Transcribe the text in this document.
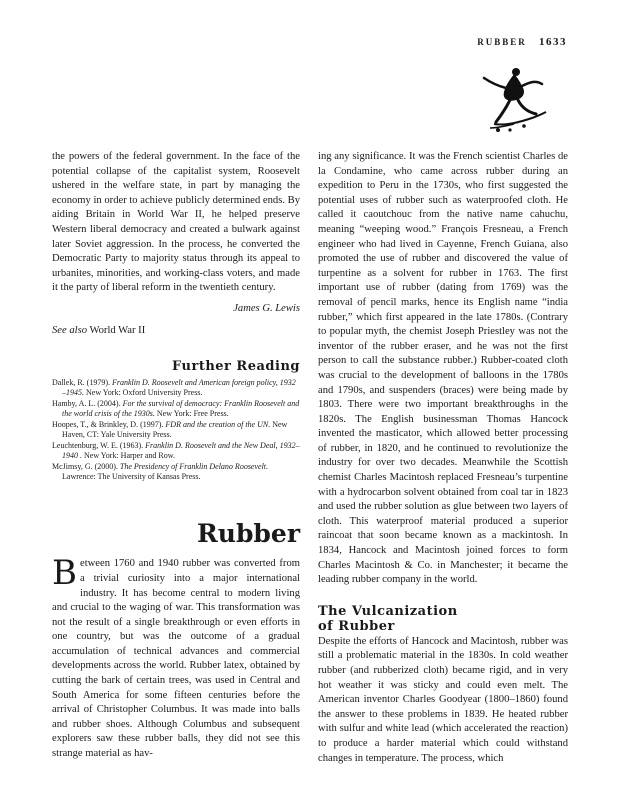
RUBBER 1633

the powers of the federal government. In the face of the potential collapse of the capitalist system, Roosevelt ushered in the welfare state, in part by managing the economy in order to achieve publicly determined ends. By aiding Britain in World War II, he helped preserve Western liberal democracy and created a bulwark against later Soviet aggression. In the process, he converted the Democratic Party to majority status through its appeal to urbanites, minorities, and working-class voters, and made it the party of liberal reform in the twentieth century.

James G. Lewis

See also World War II

Further Reading

Dallek, R. (1979). Franklin D. Roosevelt and American foreign policy, 1932 –1945. New York: Oxford University Press.

Hamby, A. L. (2004). For the survival of democracy: Franklin Roosevelt and the world crisis of the 1930s. New York: Free Press.

Hoopes, T., & Brinkley, D. (1997). FDR and the creation of the UN. New Haven, CT: Yale University Press.

Leuchtenburg, W. E. (1963). Franklin D. Roosevelt and the New Deal, 1932–1940 . New York: Harper and Row.

McJimsy, G. (2000). The Presidency of Franklin Delano Roosevelt. Lawrence: The University of Kansas Press.

Rubber

Between 1760 and 1940 rubber was converted from a trivial curiosity into a major international industry. It has become central to modern living and crucial to the waging of war. This transformation was not the result of a single breakthrough or even efforts in one country, but was the outcome of a gradual accumulation of technical advances and commercial developments across the world. Rubber latex, obtained by cutting the bark of certain trees, was used in Central and South America for some fifteen centuries before the arrival of Christopher Columbus. It was made into balls and rubber shoes. Although Columbus and subsequent explorers saw these rubber balls, they did not see this strange material as hav-

ing any significance. It was the French scientist Charles de la Condamine, who came across rubber during an expedition to Peru in the 1730s, who first suggested the potential uses of rubber such as waterproofed cloth. He called it caoutchouc from the native name cahuchu, meaning “weeping wood.” François Fresneau, a French engineer who had lived in Cayenne, French Guiana, also promoted the use of rubber and discovered the value of turpentine as a solvent for rubber in 1763. The first important use of rubber (dating from 1769) was the removal of pencil marks, hence its English name “india rubber,” which first appeared in the late 1780s. (Contrary to popular myth, the chemist Joseph Priestley was not the inventor of the rubber eraser, and he was not the first person to call the substance rubber.) Rubber-coated cloth was crucial to the development of balloons in the 1780s and 1790s, and suspenders (braces) were being made by 1803. There were two important breakthroughs in the 1820s. The English businessman Thomas Hancock invented the masticator, which allowed better processing of rubber, in 1820, and he continued to revolutionize the industry for over two decades. Meanwhile the Scottish chemist Charles Macintosh replaced Fresneau’s turpentine with a hydrocarbon solvent obtained from coal tar in 1823 and used the rubber solution as glue between two layers of cloth. This waterproof material produced a superior raincoat that soon became known as a mackintosh. In 1834, Hancock and Macintosh joined forces to form Charles Macintosh & Co. in Manchester; it became the leading rubber company in the world.

The Vulcanization
of Rubber

Despite the efforts of Hancock and Macintosh, rubber was still a problematic material in the 1830s. In cold weather rubber (and rubberized cloth) became rigid, and in very hot weather it was sticky and could even melt. The American inventor Charles Goodyear (1800–1860) found the answer to these problems in 1839. He heated rubber with sulfur and white lead (which accelerated the reaction) to produce a harder material which could withstand changes in temperature. The process, which
